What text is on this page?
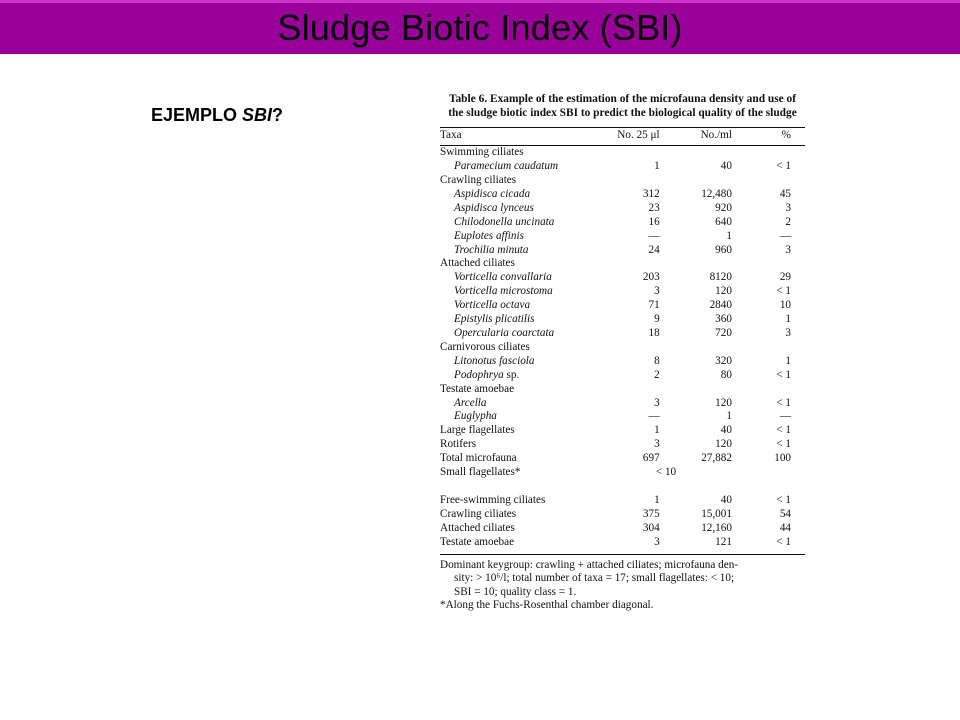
Sludge Biotic Index (SBI)
EJEMPLO SBI?
Table 6. Example of the estimation of the microfauna density and use of the sludge biotic index SBI to predict the biological quality of the sludge
Taxa	No. 25 μl	No./ml	%

Swimming ciliates			
Paramecium caudatum	1	40	< 1
Crawling ciliates			
Aspidisca cicada	312	12,480	45
Aspidisca lynceus	23	920	3
Chilodonella uncinata	16	640	2
Euplotes affinis	—	1	—
Trochilia minuta	24	960	3
Attached ciliates			
Vorticella convallaria	203	8120	29
Vorticella microstoma	3	120	< 1
Vorticella octava	71	2840	10
Epistylis plicatilis	9	360	1
Opercularia coarctata	18	720	3
Carnivorous ciliates			
Litonotus fasciola	8	320	1
Podophrya sp.	2	80	< 1
Testate amoebae			
Arcella	3	120	< 1
Euglypha	—	1	—
Large flagellates	1	40	< 1
Rotifers	3	120	< 1
Total microfauna	697	27,882	100
Small flagellates*	< 10		

Free-swimming ciliates	1	40	< 1
Crawling ciliates	375	15,001	54
Attached ciliates	304	12,160	44
Testate amoebae	3	121	< 1
Dominant keygroup: crawling + attached ciliates; microfauna den-
sity: > 10⁶/l; total number of taxa = 17; small flagellates: < 10;
SBI = 10; quality class = 1.
*Along the Fuchs-Rosenthal chamber diagonal.
